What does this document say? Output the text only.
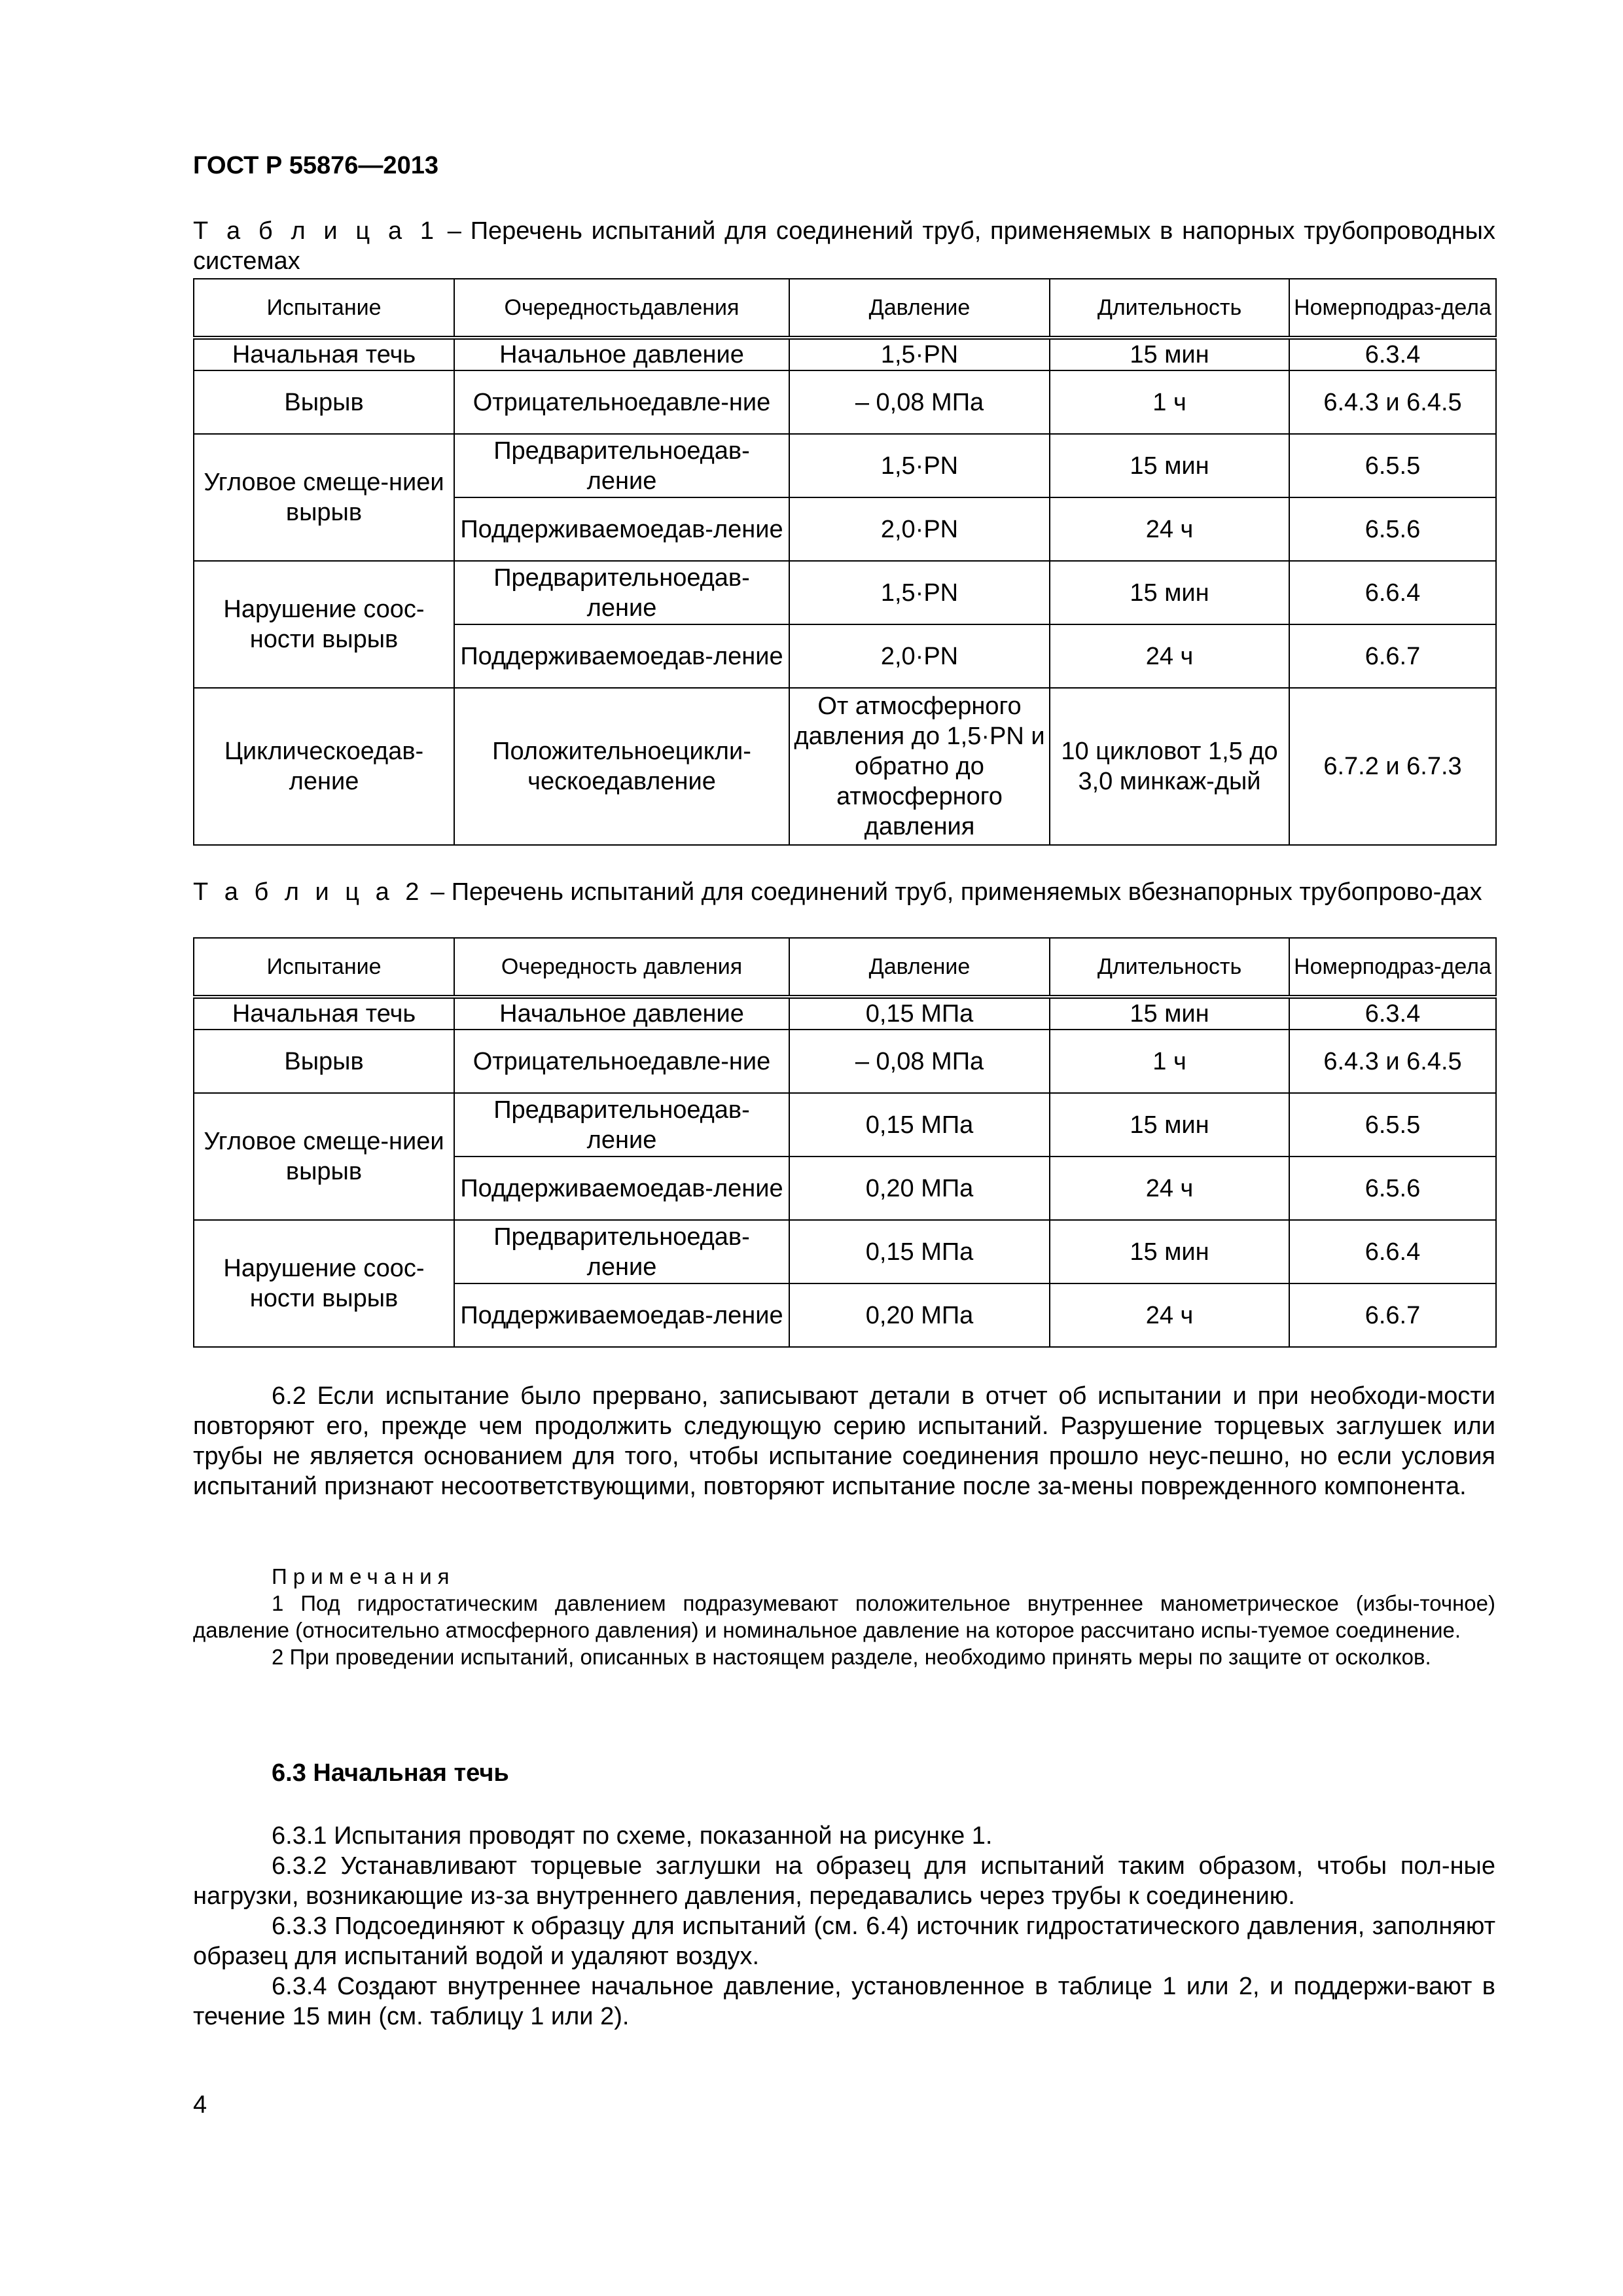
ГОСТ Р 55876—2013
Т а б л и ц а 1 – Перечень испытаний для соединений труб, применяемых в напорных трубопроводных системах
Испытание	Очередностьдавления	Давление	Длительность	Номерподраз-дела
Начальная течь	Начальное давление	1,5·PN	15 мин	6.3.4
Вырыв	Отрицательноедавле-ние	– 0,08 МПа	1 ч	6.4.3 и 6.4.5
Угловое смеще-ниеи вырыв	Предварительноедав-ление	1,5·PN	15 мин	6.5.5
	Поддерживаемоедав-ление	2,0·PN	24 ч	6.5.6
Нарушение соос-ности вырыв	Предварительноедав-ление	1,5·PN	15 мин	6.6.4
	Поддерживаемоедав-ление	2,0·PN	24 ч	6.6.7
Циклическоедав-ление	Положительноецикли-ческоедавление	От атмосферного давления до 1,5·PN и обратно до атмосферного давления	10 цикловот 1,5 до 3,0 минкаж-дый	6.7.2 и 6.7.3
Т а б л и ц а 2 – Перечень испытаний для соединений труб, применяемых вбезнапорных трубопрово-дах
Испытание	Очередность давления	Давление	Длительность	Номерподраз-дела
Начальная течь	Начальное давление	0,15 МПа	15 мин	6.3.4
Вырыв	Отрицательноедавле-ние	– 0,08 МПа	1 ч	6.4.3 и 6.4.5
Угловое смеще-ниеи вырыв	Предварительноедав-ление	0,15 МПа	15 мин	6.5.5
	Поддерживаемоедав-ление	0,20 МПа	24 ч	6.5.6
Нарушение соос-ности вырыв	Предварительноедав-ление	0,15 МПа	15 мин	6.6.4
	Поддерживаемоедав-ление	0,20 МПа	24 ч	6.6.7
6.2 Если испытание было прервано, записывают детали в отчет об испытании и при необходи-мости повторяют его, прежде чем продолжить следующую серию испытаний. Разрушение торцевых заглушек или трубы не является основанием для того, чтобы испытание соединения прошло неус-пешно, но если условия испытаний признают несоответствующими, повторяют испытание после за-мены поврежденного компонента.
Примечания
1 Под гидростатическим давлением подразумевают положительное внутреннее манометрическое (избы-точное) давление (относительно атмосферного давления) и номинальное давление на которое рассчитано испы-туемое соединение.
2 При проведении испытаний, описанных в настоящем разделе, необходимо принять меры по защите от осколков.
6.3 Начальная течь
6.3.1 Испытания проводят по схеме, показанной на рисунке 1.
6.3.2 Устанавливают торцевые заглушки на образец для испытаний таким образом, чтобы пол-ные нагрузки, возникающие из-за внутреннего давления, передавались через трубы к соединению.
6.3.3 Подсоединяют к образцу для испытаний (см. 6.4) источник гидростатического давления, заполняют образец для испытаний водой и удаляют воздух.
6.3.4 Создают внутреннее начальное давление, установленное в таблице 1 или 2, и поддержи-вают в течение 15 мин (см. таблицу 1 или 2).
4
